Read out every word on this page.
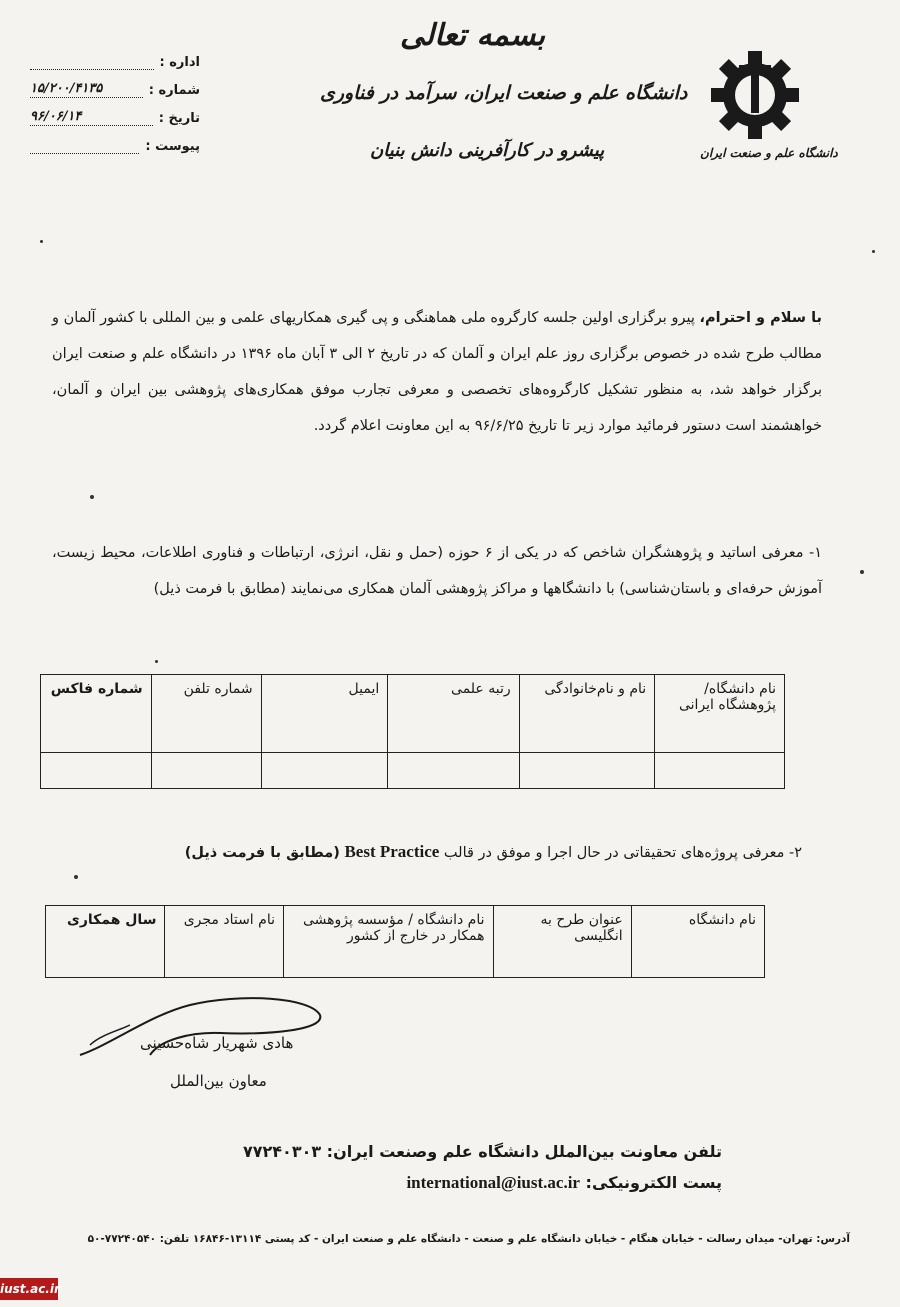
بسمه تعالی
دانشگاه علم و صنعت ایران، سرآمد در فناوری
پیشرو در کارآفرینی دانش بنیان	دانشگاه علم و صنعت ایران
اداره :
شماره :
۱۵/۲۰۰/۴۱۳۵
تاریخ :
۹۶/۰۶/۱۴
پیوست :
با سلام و احترام، پیرو برگزاری اولین جلسه کارگروه ملی هماهنگی و پی گیری همکاریهای علمی و بین المللی با کشور آلمان و مطالب طرح شده در خصوص برگزاری روز علم ایران و آلمان که در تاریخ ۲ الی ۳ آبان ماه ۱۳۹۶ در دانشگاه علم و صنعت ایران برگزار خواهد شد، به منظور تشکیل کارگروه‌های تخصصی و معرفی تجارب موفق همکاری‌های پژوهشی بین ایران و آلمان، خواهشمند است دستور فرمائید موارد زیر تا تاریخ ۹۶/۶/۲۵ به این معاونت اعلام گردد.
۱- معرفی اساتید و پژوهشگران شاخص که در یکی از ۶ حوزه (حمل و نقل، انرژی، ارتباطات و فناوری اطلاعات، محیط زیست، آموزش حرفه‌ای و باستان‌شناسی) با دانشگاهها و مراکز پژوهشی آلمان همکاری می‌نمایند (مطابق با فرمت ذیل)
نام دانشگاه/ پژوهشگاه ایرانی	نام و نام‌خانوادگی	رتبه علمی	ایمیل	شماره تلفن	شماره فاکس

۲- معرفی پروژه‌های تحقیقاتی در حال اجرا و موفق در قالب Best Practice (مطابق با فرمت ذیل)
نام دانشگاه	عنوان طرح به انگلیسی	نام دانشگاه / مؤسسه پژوهشی همکار در خارج از کشور	نام استاد مجری	سال همکاری
هادی شهریار شاه‌حسینی
معاون بین‌الملل
تلفن معاونت بین‌الملل دانشگاه علم وصنعت ایران: ۷۷۲۴۰۳۰۳
پست الکترونیکی: international@iust.ac.ir
آدرس: تهران- میدان رسالت - خیابان هنگام - خیابان دانشگاه علم و صنعت - دانشگاه علم و صنعت ایران - کد پستی ۱۳۱۱۴-۱۶۸۴۶ تلفن: ۷۷۲۴۰۵۴۰-۵۰
iust.ac.ir
